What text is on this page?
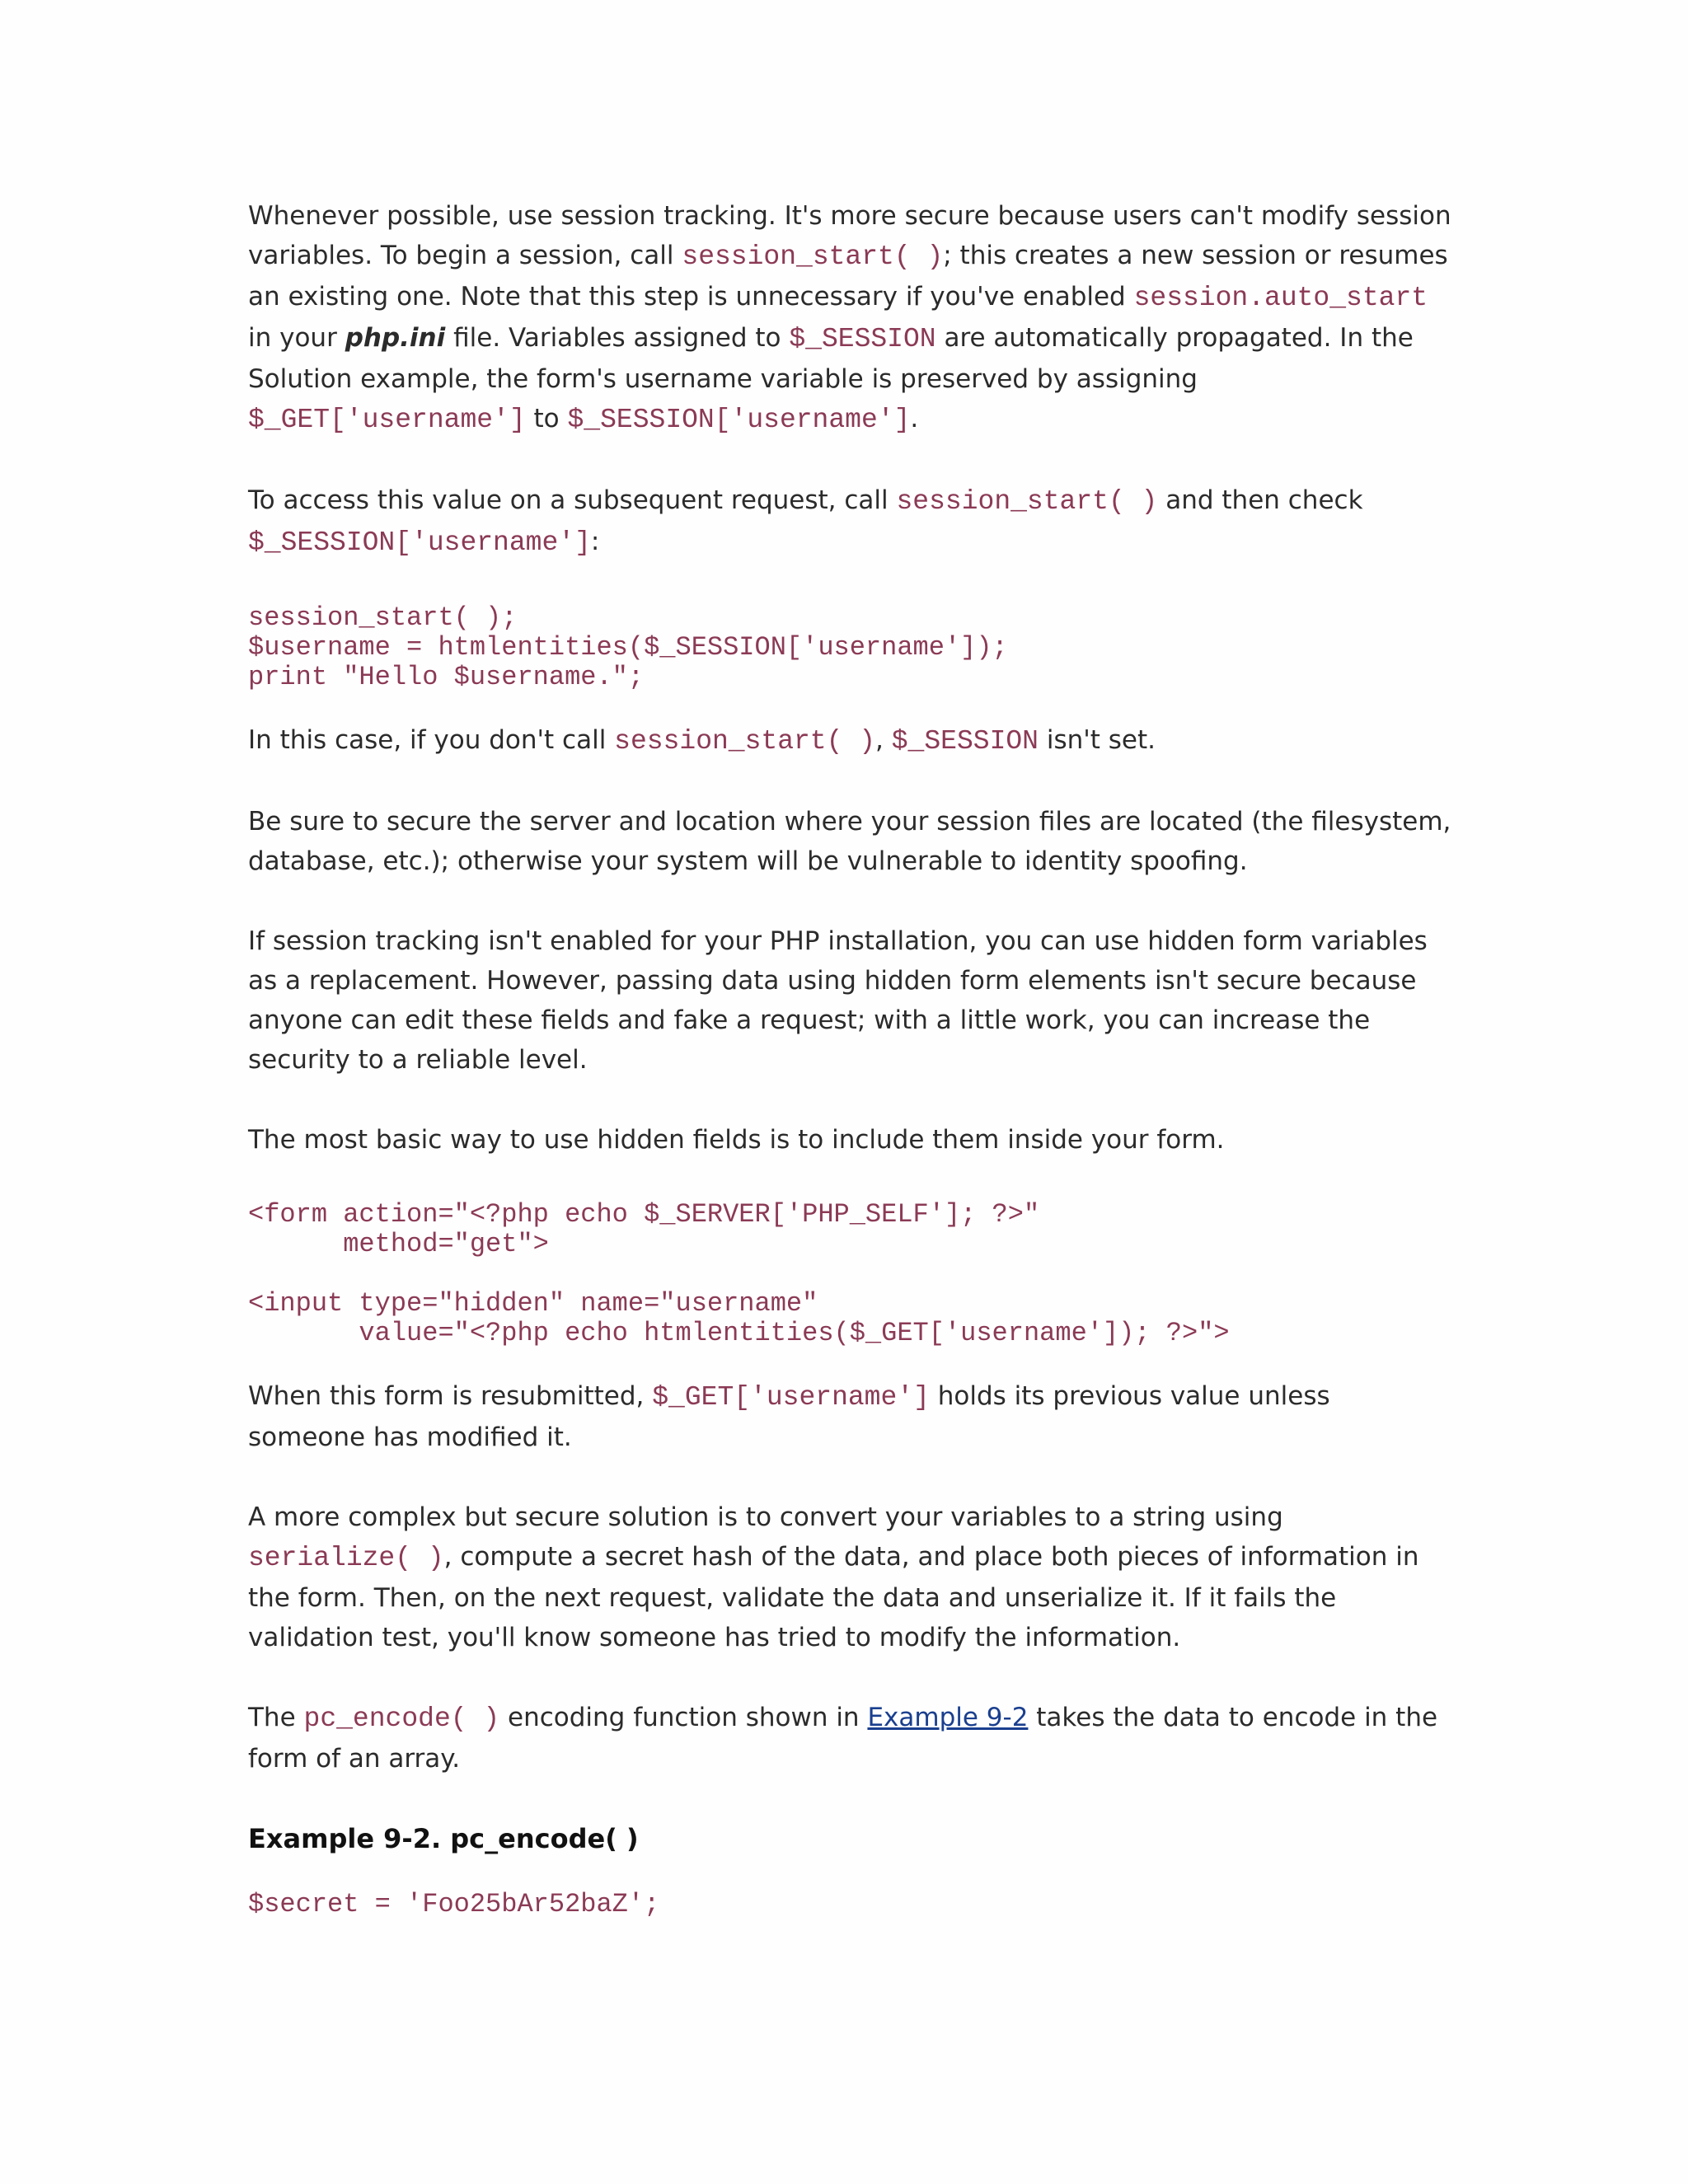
Whenever possible, use session tracking. It's more secure because users can't modify session variables. To begin a session, call session_start( ); this creates a new session or resumes an existing one. Note that this step is unnecessary if you've enabled session.auto_start in your php.ini file. Variables assigned to $_SESSION are automatically propagated. In the Solution example, the form's username variable is preserved by assigning $_GET['username'] to $_SESSION['username'].

To access this value on a subsequent request, call session_start( ) and then check
$_SESSION['username']:

session_start( );
$username = htmlentities($_SESSION['username']);
print "Hello $username.";

In this case, if you don't call session_start( ), $_SESSION isn't set.

Be sure to secure the server and location where your session files are located (the filesystem, database, etc.); otherwise your system will be vulnerable to identity spoofing.

If session tracking isn't enabled for your PHP installation, you can use hidden form variables as a replacement. However, passing data using hidden form elements isn't secure because anyone can edit these fields and fake a request; with a little work, you can increase the security to a reliable level.

The most basic way to use hidden fields is to include them inside your form.

<form action="<?php echo $_SERVER['PHP_SELF']; ?>"
method="get">

<input type="hidden" name="username"
value="<?php echo htmlentities($_GET['username']); ?>">

When this form is resubmitted, $_GET['username'] holds its previous value unless someone has modified it.

A more complex but secure solution is to convert your variables to a string using serialize( ), compute a secret hash of the data, and place both pieces of information in the form. Then, on the next request, validate the data and unserialize it. If it fails the validation test, you'll know someone has tried to modify the information.

The pc_encode( ) encoding function shown in Example 9-2 takes the data to encode in the form of an array.

Example 9-2. pc_encode( )
$secret = 'Foo25bAr52baZ';
